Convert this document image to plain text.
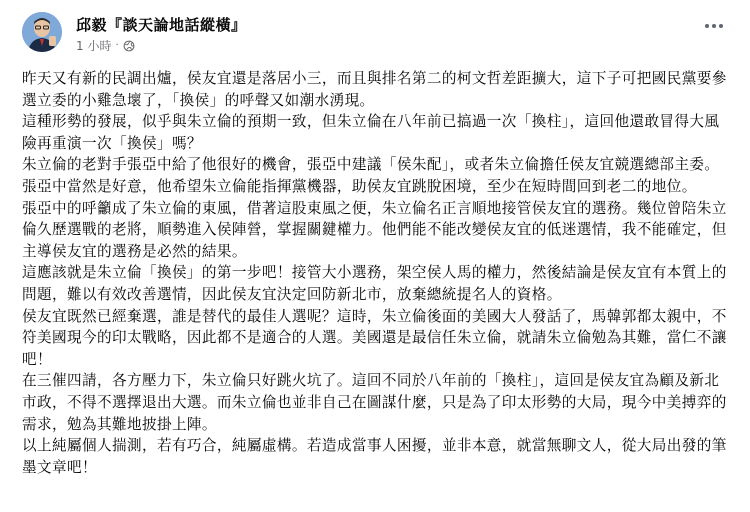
邱毅『談天論地話縱橫』
1 小時 ·

昨天又有新的民調出爐，侯友宜還是落居小三，而且與排名第二的柯文哲差距擴大，這下子可把國民黨要參選立委的小雞急壞了，「換侯」的呼聲又如潮水湧現。

這種形勢的發展，似乎與朱立倫的預期一致，但朱立倫在八年前已搞過一次「換柱」，這回他還敢冒得大風險再重演一次「換侯」嗎？

朱立倫的老對手張亞中給了他很好的機會，張亞中建議「侯朱配」，或者朱立倫擔任侯友宜競選總部主委。張亞中當然是好意，他希望朱立倫能指揮黨機器，助侯友宜跳脫困境，至少在短時間回到老二的地位。

張亞中的呼籲成了朱立倫的東風，借著這股東風之便，朱立倫名正言順地接管侯友宜的選務。幾位曾陪朱立倫久歷選戰的老將，順勢進入侯陣營，掌握關鍵權力。他們能不能改變侯友宜的低迷選情，我不能確定，但主導侯友宜的選務是必然的結果。

這應該就是朱立倫「換侯」的第一步吧！接管大小選務，架空侯人馬的權力，然後結論是侯友宜有本質上的問題，難以有效改善選情，因此侯友宜決定回防新北市，放棄總統提名人的資格。

侯友宜既然已經棄選，誰是替代的最佳人選呢？這時，朱立倫後面的美國大人發話了，馬韓郭都太親中，不符美國現今的印太戰略，因此都不是適合的人選。美國還是最信任朱立倫，就請朱立倫勉為其難，當仁不讓吧！

在三催四請，各方壓力下，朱立倫只好跳火坑了。這回不同於八年前的「換柱」，這回是侯友宜為顧及新北市政，不得不選擇退出大選。而朱立倫也並非自己在圖謀什麼，只是為了印太形勢的大局，現今中美搏弈的需求，勉為其難地披掛上陣。

以上純屬個人揣測，若有巧合，純屬虛構。若造成當事人困擾，並非本意，就當無聊文人，從大局出發的筆墨文章吧！
